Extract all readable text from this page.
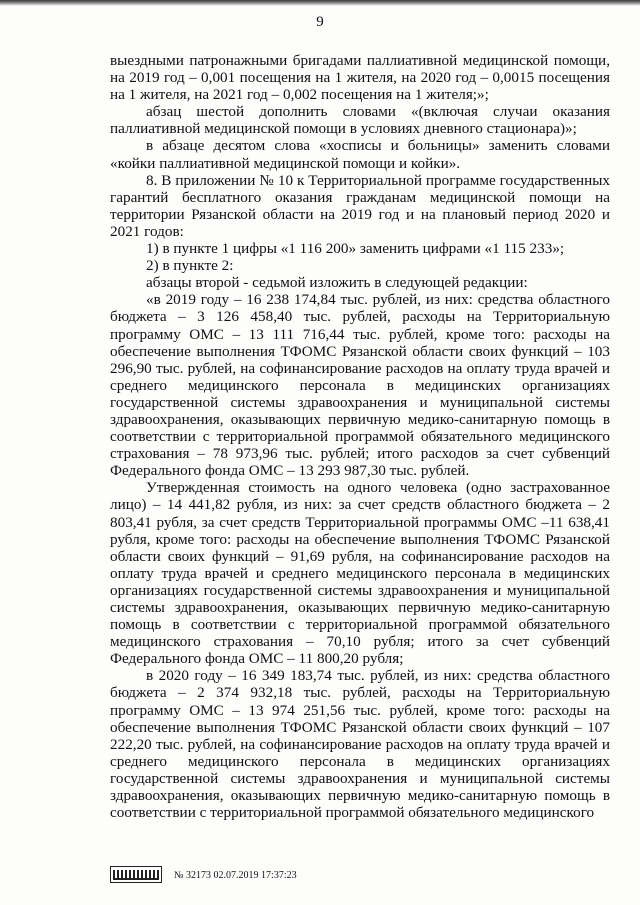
9

выездными патронажными бригадами паллиативной медицинской помощи, на 2019 год – 0,001 посещения на 1 жителя, на 2020 год – 0,0015 посещения на 1 жителя, на 2021 год – 0,002 посещения на 1 жителя;»;

абзац шестой дополнить словами «(включая случаи оказания паллиативной медицинской помощи в условиях дневного стационара)»;

в абзаце десятом слова «хосписы и больницы» заменить словами «койки паллиативной медицинской помощи и койки».

8. В приложении № 10 к Территориальной программе государственных гарантий бесплатного оказания гражданам медицинской помощи на территории Рязанской области на 2019 год и на плановый период 2020 и 2021 годов:

1) в пункте 1 цифры «1 116 200» заменить цифрами «1 115 233»;

2) в пункте 2:

абзацы второй - седьмой изложить в следующей редакции:

«в 2019 году – 16 238 174,84 тыс. рублей, из них: средства областного бюджета – 3 126 458,40 тыс. рублей, расходы на Территориальную программу ОМС – 13 111 716,44 тыс. рублей, кроме того: расходы на обеспечение выполнения ТФОМС Рязанской области своих функций – 103 296,90 тыс. рублей, на софинансирование расходов на оплату труда врачей и среднего медицинского персонала в медицинских организациях государственной системы здравоохранения и муниципальной системы здравоохранения, оказывающих первичную медико-санитарную помощь в соответствии с территориальной программой обязательного медицинского страхования – 78 973,96 тыс. рублей; итого расходов за счет субвенций Федерального фонда ОМС – 13 293 987,30 тыс. рублей.

Утвержденная стоимость на одного человека (одно застрахованное лицо) – 14 441,82 рубля, из них: за счет средств областного бюджета – 2 803,41 рубля, за счет средств Территориальной программы ОМС –11 638,41 рубля, кроме того: расходы на обеспечение выполнения ТФОМС Рязанской области своих функций – 91,69 рубля, на софинансирование расходов на оплату труда врачей и среднего медицинского персонала в медицинских организациях государственной системы здравоохранения и муниципальной системы здравоохранения, оказывающих первичную медико-санитарную помощь в соответствии с территориальной программой обязательного медицинского страхования – 70,10 рубля; итого за счет субвенций Федерального фонда ОМС – 11 800,20 рубля;

в 2020 году – 16 349 183,74 тыс. рублей, из них: средства областного бюджета – 2 374 932,18 тыс. рублей, расходы на Территориальную программу ОМС – 13 974 251,56 тыс. рублей, кроме того: расходы на обеспечение выполнения ТФОМС Рязанской области своих функций – 107 222,20 тыс. рублей, на софинансирование расходов на оплату труда врачей и среднего медицинского персонала в медицинских организациях государственной системы здравоохранения и муниципальной системы здравоохранения, оказывающих первичную медико-санитарную помощь в соответствии с территориальной программой обязательного медицинского

№ 32173 02.07.2019 17:37:23
